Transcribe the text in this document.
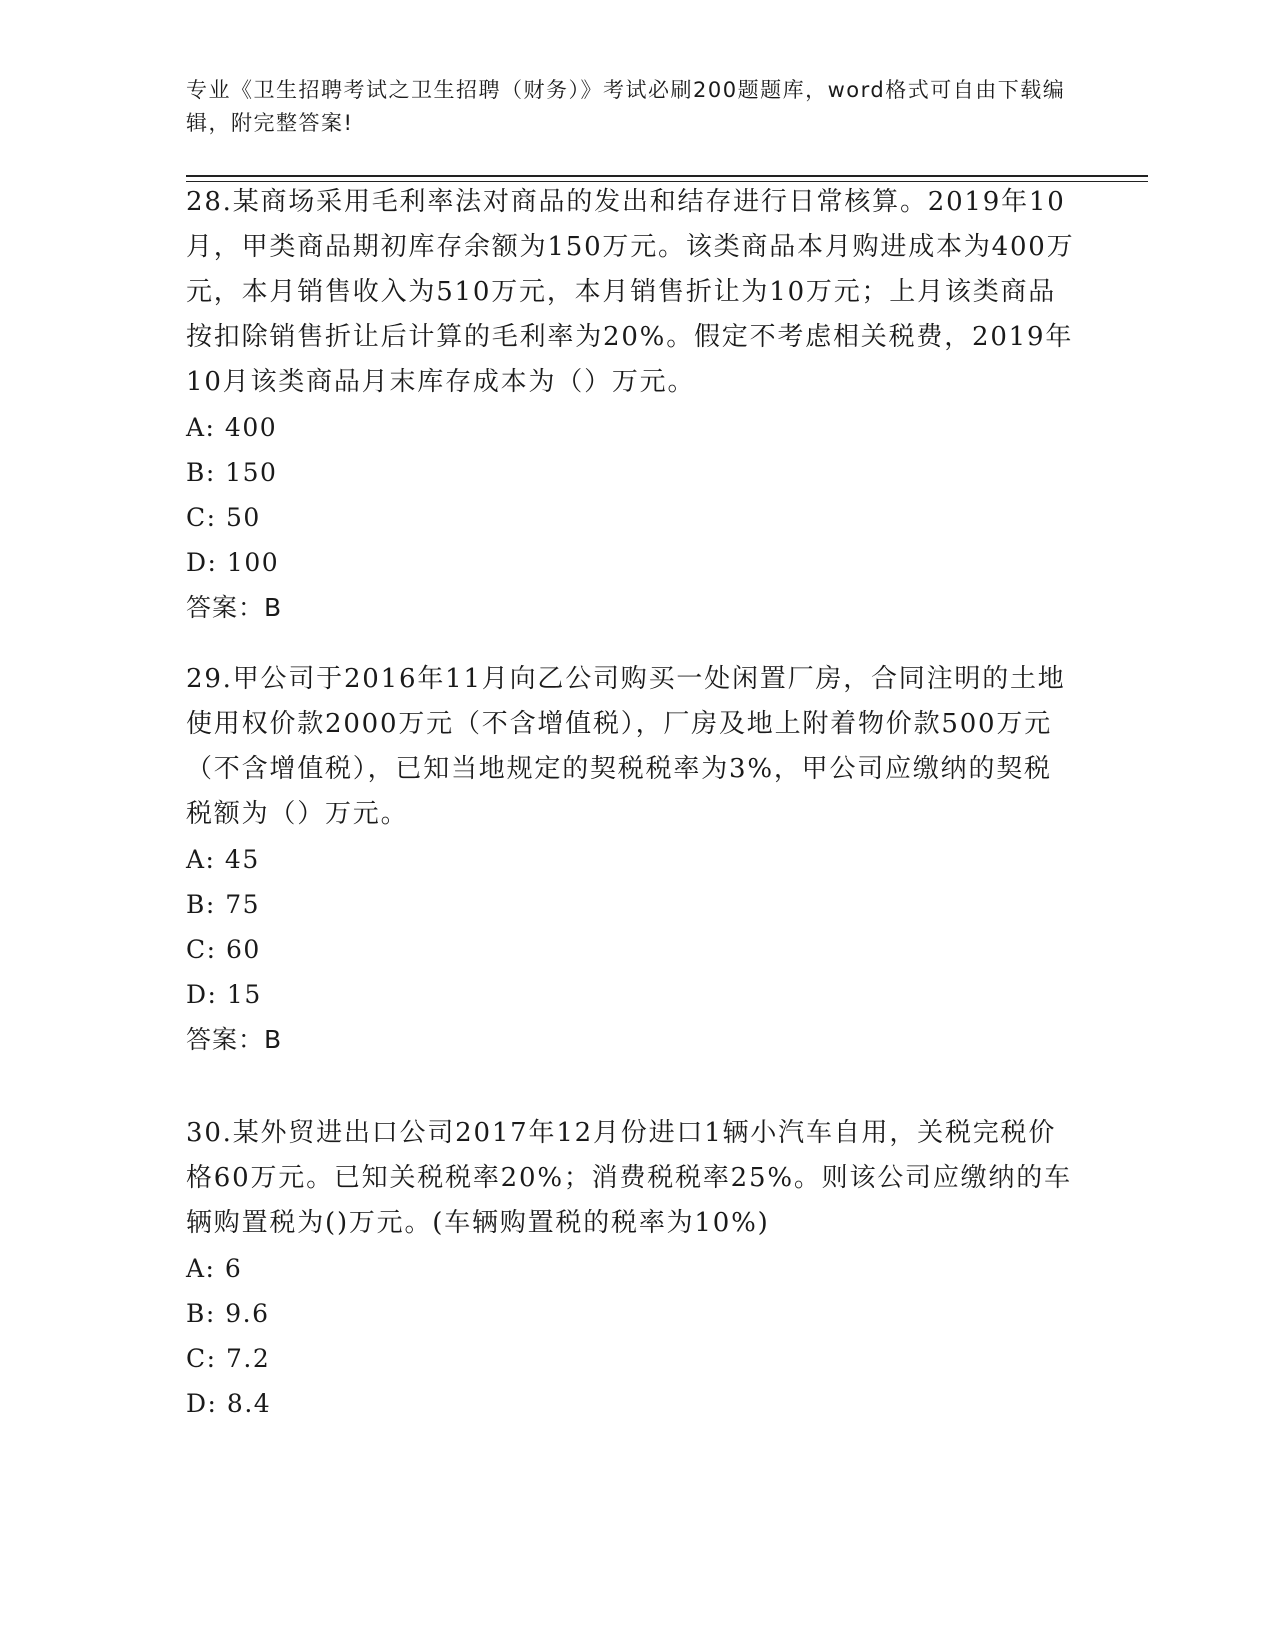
专业《卫生招聘考试之卫生招聘（财务）》考试必刷200题题库，word格式可自由下载编辑，附完整答案!

28.某商场采用毛利率法对商品的发出和结存进行日常核算。2019年10月，甲类商品期初库存余额为150万元。该类商品本月购进成本为400万元，本月销售收入为510万元，本月销售折让为10万元；上月该类商品按扣除销售折让后计算的毛利率为20%。假定不考虑相关税费，2019年10月该类商品月末库存成本为（）万元。

A: 400

B: 150

C: 50

D: 100

答案：B

29.甲公司于2016年11月向乙公司购买一处闲置厂房，合同注明的土地使用权价款2000万元（不含增值税），厂房及地上附着物价款500万元（不含增值税），已知当地规定的契税税率为3%，甲公司应缴纳的契税税额为（）万元。

A: 45

B: 75

C: 60

D: 15

答案：B

30.某外贸进出口公司2017年12月份进口1辆小汽车自用，关税完税价格60万元。已知关税税率20%；消费税税率25%。则该公司应缴纳的车辆购置税为()万元。(车辆购置税的税率为10%)

A: 6

B: 9.6

C: 7.2

D: 8.4
